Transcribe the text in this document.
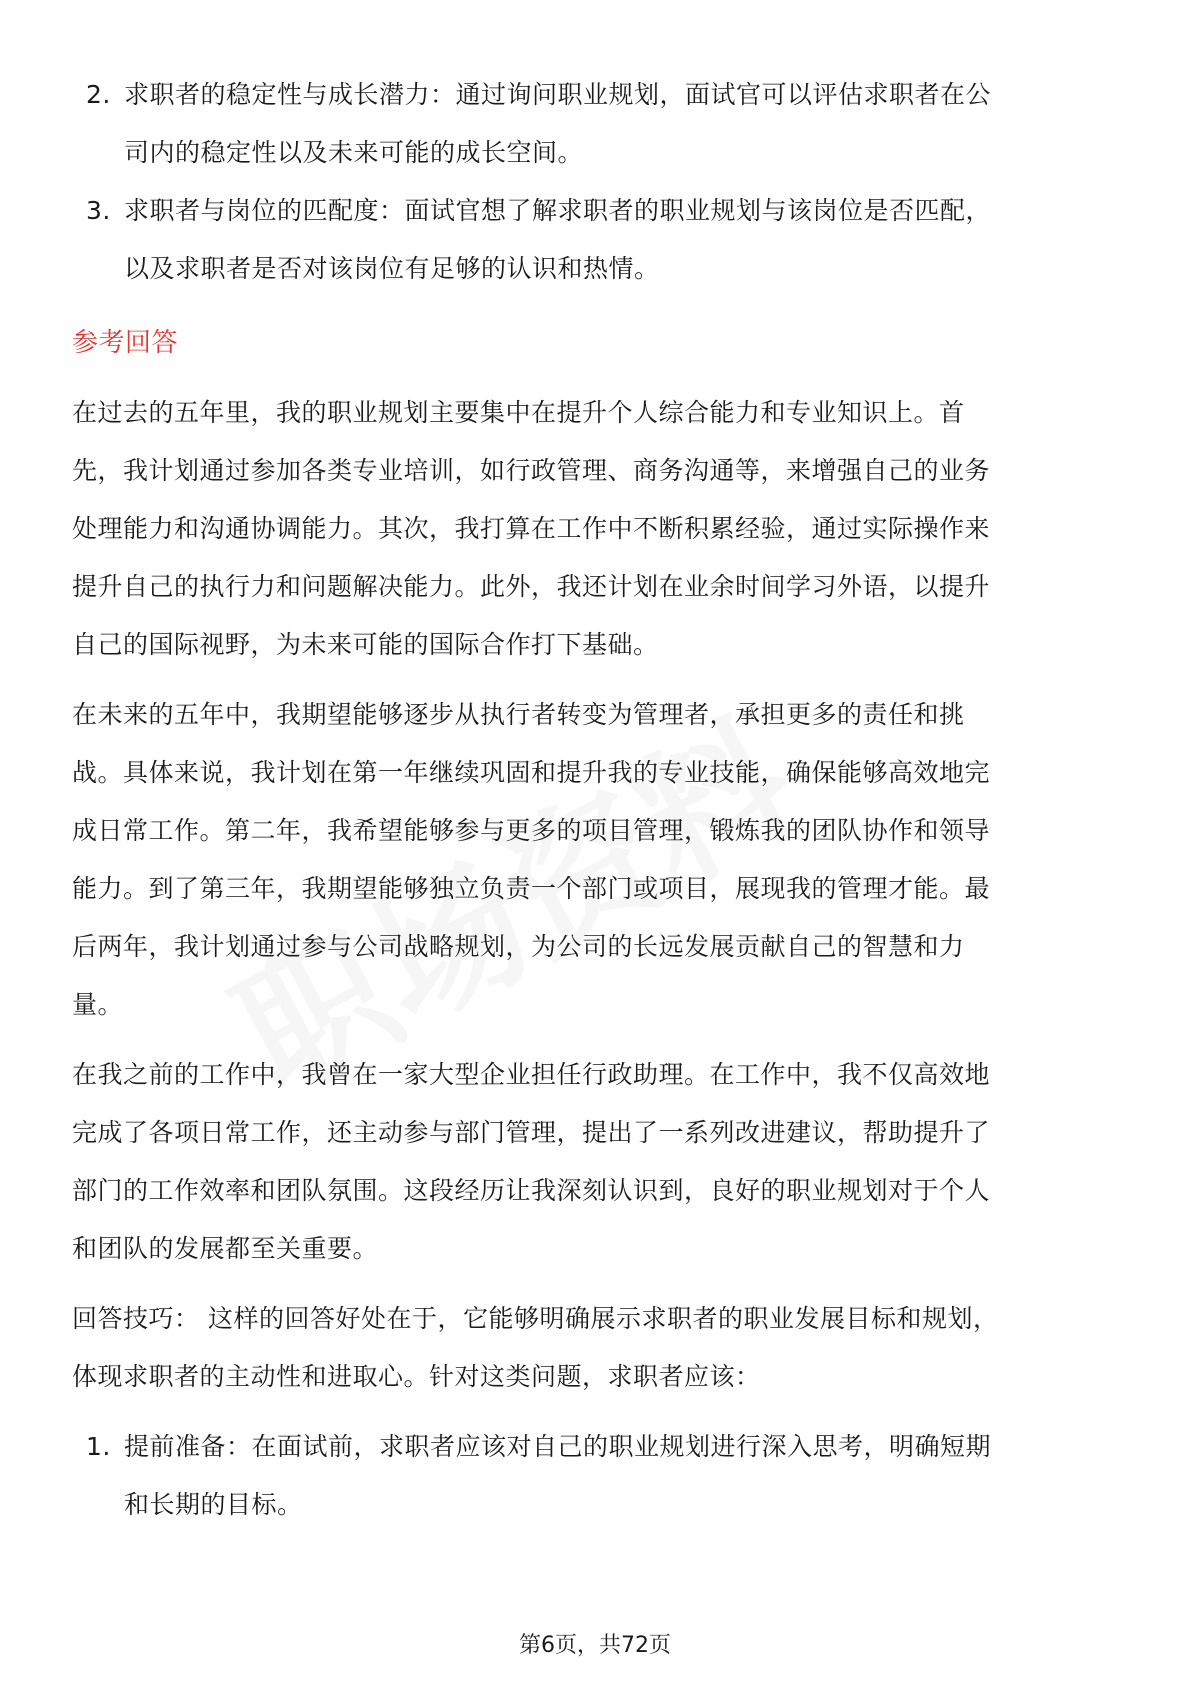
2. 求职者的稳定性与成长潜力：通过询问职业规划，面试官可以评估求职者在公
司内的稳定性以及未来可能的成长空间。
3. 求职者与岗位的匹配度：面试官想了解求职者的职业规划与该岗位是否匹配，
以及求职者是否对该岗位有足够的认识和热情。
参考回答
在过去的五年里，我的职业规划主要集中在提升个人综合能力和专业知识上。首
先，我计划通过参加各类专业培训，如行政管理、商务沟通等，来增强自己的业务
处理能力和沟通协调能力。其次，我打算在工作中不断积累经验，通过实际操作来
提升自己的执行力和问题解决能力。此外，我还计划在业余时间学习外语，以提升
自己的国际视野，为未来可能的国际合作打下基础。
在未来的五年中，我期望能够逐步从执行者转变为管理者，承担更多的责任和挑
战。具体来说，我计划在第一年继续巩固和提升我的专业技能，确保能够高效地完
成日常工作。第二年，我希望能够参与更多的项目管理，锻炼我的团队协作和领导
能力。到了第三年，我期望能够独立负责一个部门或项目，展现我的管理才能。最
后两年，我计划通过参与公司战略规划，为公司的长远发展贡献自己的智慧和力
量。
在我之前的工作中，我曾在一家大型企业担任行政助理。在工作中，我不仅高效地
完成了各项日常工作，还主动参与部门管理，提出了一系列改进建议，帮助提升了
部门的工作效率和团队氛围。这段经历让我深刻认识到，良好的职业规划对于个人
和团队的发展都至关重要。
回答技巧： 这样的回答好处在于，它能够明确展示求职者的职业发展目标和规划，
体现求职者的主动性和进取心。针对这类问题，求职者应该：
1. 提前准备：在面试前，求职者应该对自己的职业规划进行深入思考，明确短期
和长期的目标。
第6页，共72页
